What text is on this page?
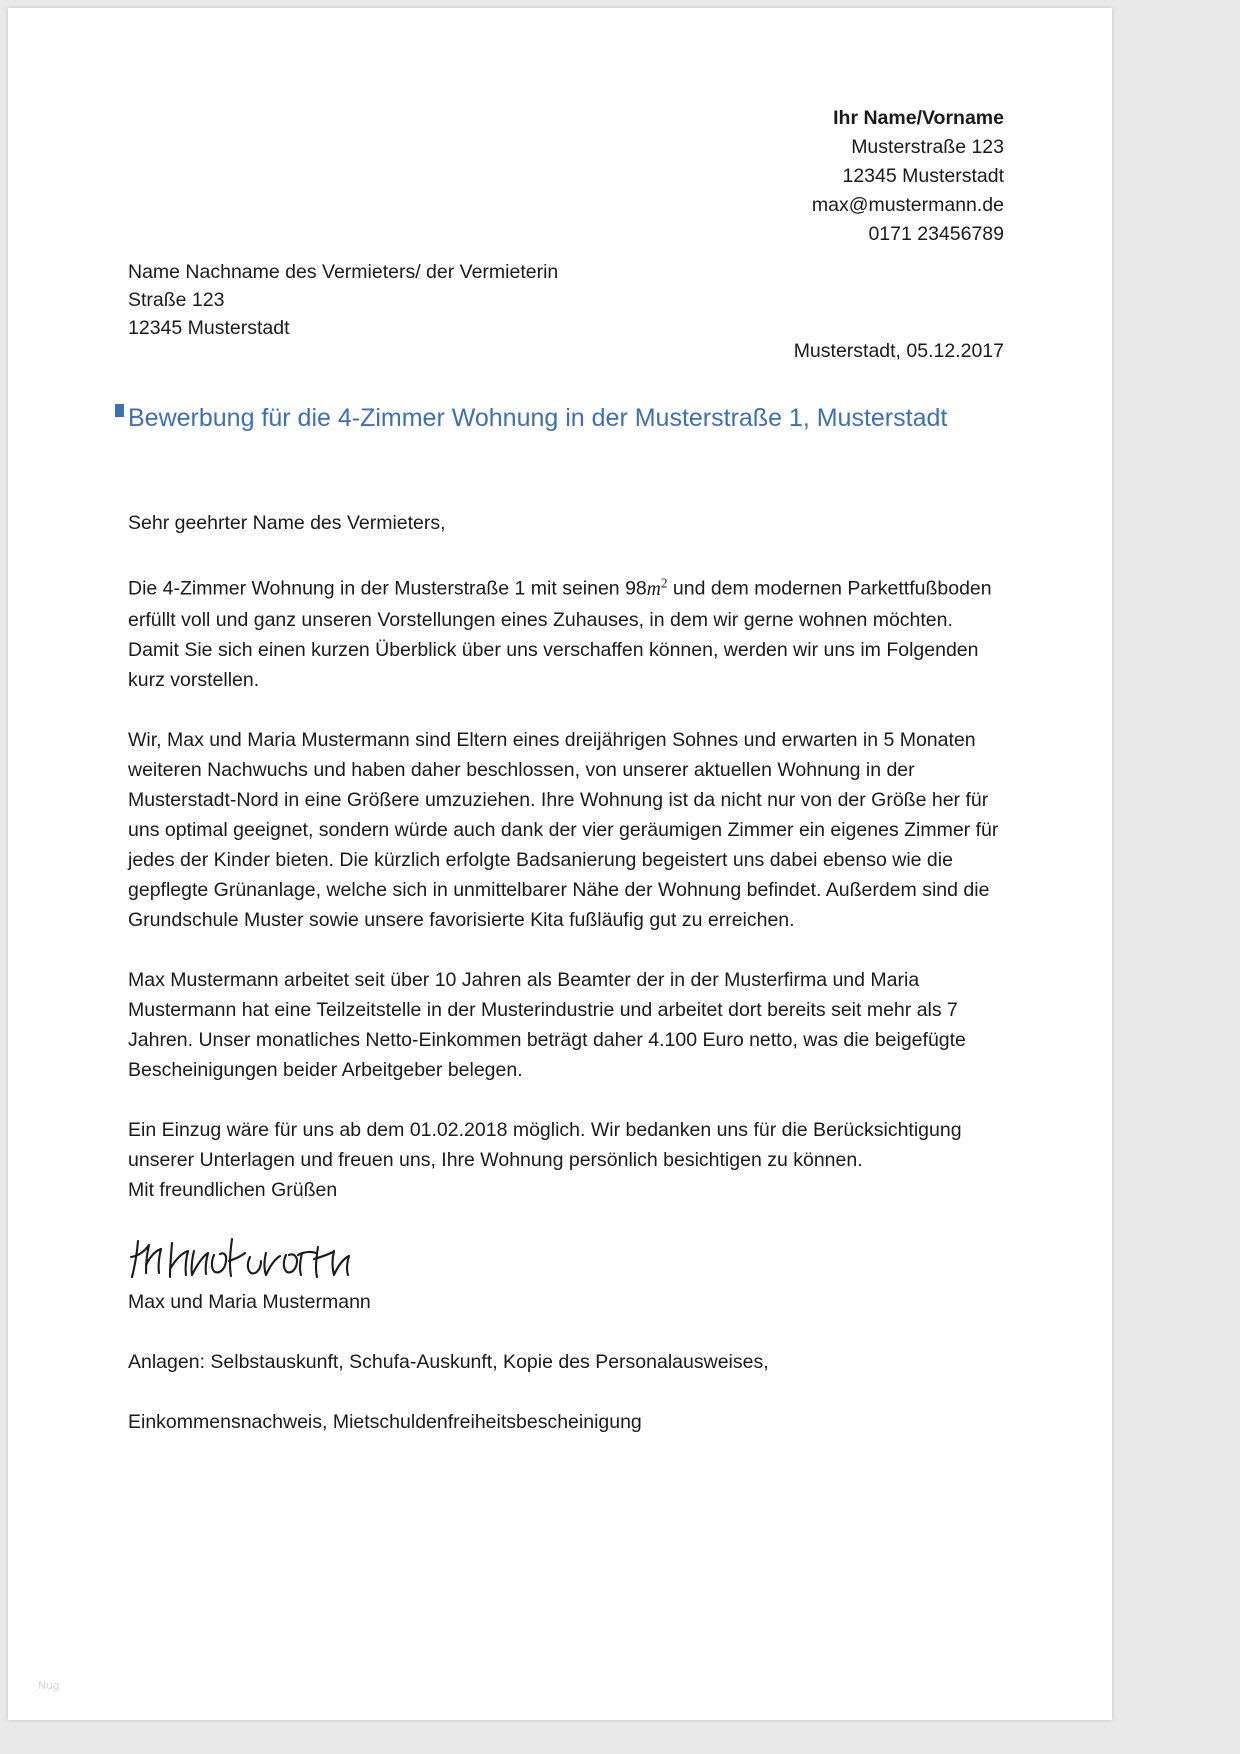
Ihr Name/Vorname
Musterstraße 123
12345 Musterstadt
max@mustermann.de
0171 23456789
Name Nachname des Vermieters/ der Vermieterin
Straße 123
12345 Musterstadt
Musterstadt, 05.12.2017
Bewerbung für die 4-Zimmer Wohnung in der Musterstraße 1, Musterstadt

Sehr geehrter Name des Vermieters,

Die 4-Zimmer Wohnung in der Musterstraße 1 mit seinen $98m^2$ und dem modernen Parkettfußboden erfüllt voll und ganz unseren Vorstellungen eines Zuhauses, in dem wir gerne wohnen möchten. Damit Sie sich einen kurzen Überblick über uns verschaffen können, werden wir uns im Folgenden kurz vorstellen.

Wir, Max und Maria Mustermann sind Eltern eines dreijährigen Sohnes und erwarten in 5 Monaten weiteren Nachwuchs und haben daher beschlossen, von unserer aktuellen Wohnung in der Musterstadt-Nord in eine Größere umzuziehen. Ihre Wohnung ist da nicht nur von der Größe her für uns optimal geeignet, sondern würde auch dank der vier geräumigen Zimmer ein eigenes Zimmer für jedes der Kinder bieten. Die kürzlich erfolgte Badsanierung begeistert uns dabei ebenso wie die gepflegte Grünanlage, welche sich in unmittelbarer Nähe der Wohnung befindet. Außerdem sind die Grundschule Muster sowie unsere favorisierte Kita fußläufig gut zu erreichen.

Max Mustermann arbeitet seit über 10 Jahren als Beamter der in der Musterfirma und Maria Mustermann hat eine Teilzeitstelle in der Musterindustrie und arbeitet dort bereits seit mehr als 7 Jahren. Unser monatliches Netto-Einkommen beträgt daher 4.100 Euro netto, was die beigefügte Bescheinigungen beider Arbeitgeber belegen.

Ein Einzug wäre für uns ab dem 01.02.2018 möglich. Wir bedanken uns für die Berücksichtigung unserer Unterlagen und freuen uns, Ihre Wohnung persönlich besichtigen zu können.

Mit freundlichen Grüßen

Max und Maria Mustermann

Anlagen: Selbstauskunft, Schufa-Auskunft, Kopie des Personalausweises,

Einkommensnachweis, Mietschuldenfreiheitsbescheinigung

Nug
